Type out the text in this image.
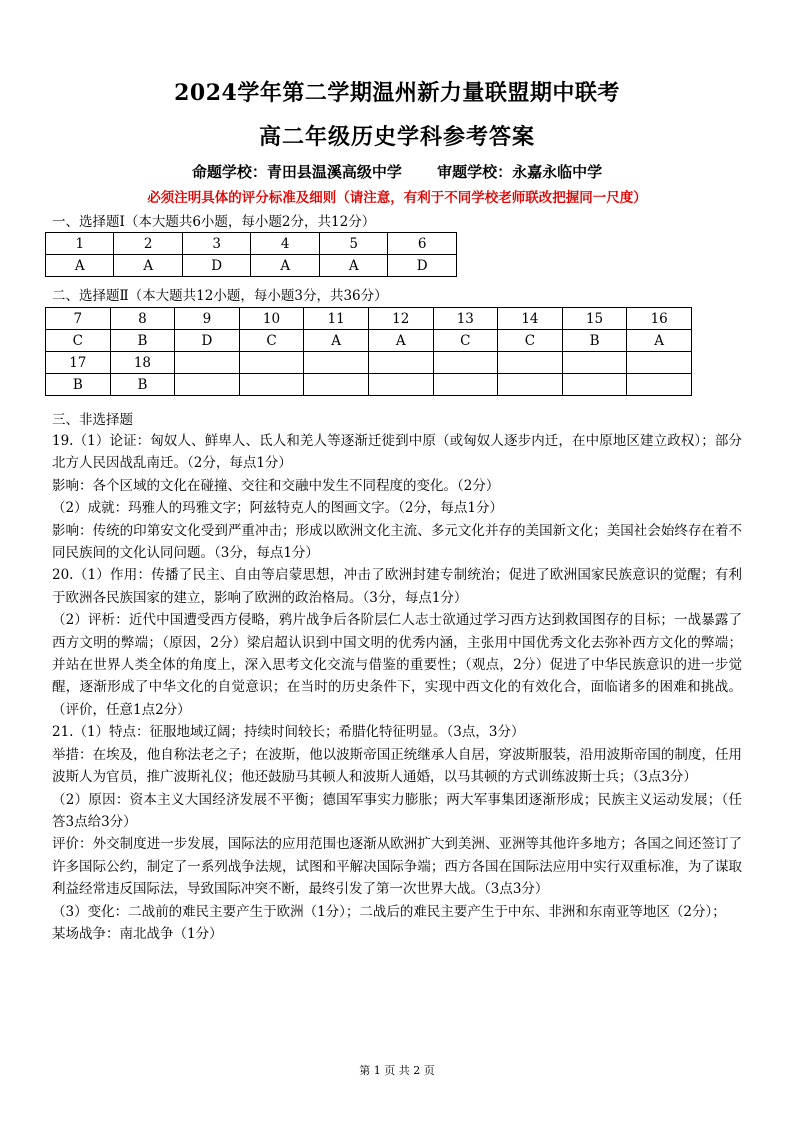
2024学年第二学期温州新力量联盟期中联考
高二年级历史学科参考答案
命题学校：青田县温溪高级中学 审题学校：永嘉永临中学
必须注明具体的评分标准及细则（请注意，有利于不同学校老师联改把握同一尺度）
一、选择题Ⅰ（本大题共6小题，每小题2分，共12分）
1	2	3	4	5	6
A	A	D	A	A	D
二、选择题Ⅱ（本大题共12小题，每小题3分，共36分）
7	8	9	10	11	12	13	14	15	16
C	B	D	C	A	A	C	C	B	A
17	18								
B	B								
三、非选择题

19.（1）论证：匈奴人、鲜卑人、氐人和羌人等逐渐迁徙到中原（或匈奴人逐步内迁，在中原地区建立政权）；部分北方人民因战乱南迁。（2分，每点1分）

影响：各个区域的文化在碰撞、交往和交融中发生不同程度的变化。（2分）

（2）成就：玛雅人的玛雅文字；阿兹特克人的图画文字。（2分，每点1分）

影响：传统的印第安文化受到严重冲击；形成以欧洲文化主流、多元文化并存的美国新文化；美国社会始终存在着不同民族间的文化认同问题。（3分，每点1分）

20.（1）作用：传播了民主、自由等启蒙思想，冲击了欧洲封建专制统治；促进了欧洲国家民族意识的觉醒；有利于欧洲各民族国家的建立，影响了欧洲的政治格局。（3分，每点1分）

（2）评析：近代中国遭受西方侵略，鸦片战争后各阶层仁人志士欲通过学习西方达到救国图存的目标；一战暴露了西方文明的弊端；（原因，2分）梁启超认识到中国文明的优秀内涵，主张用中国优秀文化去弥补西方文化的弊端；并站在世界人类全体的角度上，深入思考文化交流与借鉴的重要性；（观点，2分）促进了中华民族意识的进一步觉醒，逐渐形成了中华文化的自觉意识；在当时的历史条件下，实现中西文化的有效化合，面临诸多的困难和挑战。（评价，任意1点2分）

21.（1）特点：征服地域辽阔；持续时间较长；希腊化特征明显。（3点，3分）

举措：在埃及，他自称法老之子；在波斯，他以波斯帝国正统继承人自居，穿波斯服装，沿用波斯帝国的制度，任用波斯人为官员，推广波斯礼仪；他还鼓励马其顿人和波斯人通婚，以马其顿的方式训练波斯士兵；（3点3分）

（2）原因：资本主义大国经济发展不平衡；德国军事实力膨胀；两大军事集团逐渐形成；民族主义运动发展；（任答3点给3分）

评价：外交制度进一步发展，国际法的应用范围也逐渐从欧洲扩大到美洲、亚洲等其他许多地方；各国之间还签订了许多国际公约，制定了一系列战争法规，试图和平解决国际争端；西方各国在国际法应用中实行双重标准，为了谋取利益经常违反国际法，导致国际冲突不断，最终引发了第一次世界大战。（3点3分）

（3）变化：二战前的难民主要产生于欧洲（1分）；二战后的难民主要产生于中东、非洲和东南亚等地区（2分）；

某场战争：南北战争（1分）

第 1 页 共 2 页
